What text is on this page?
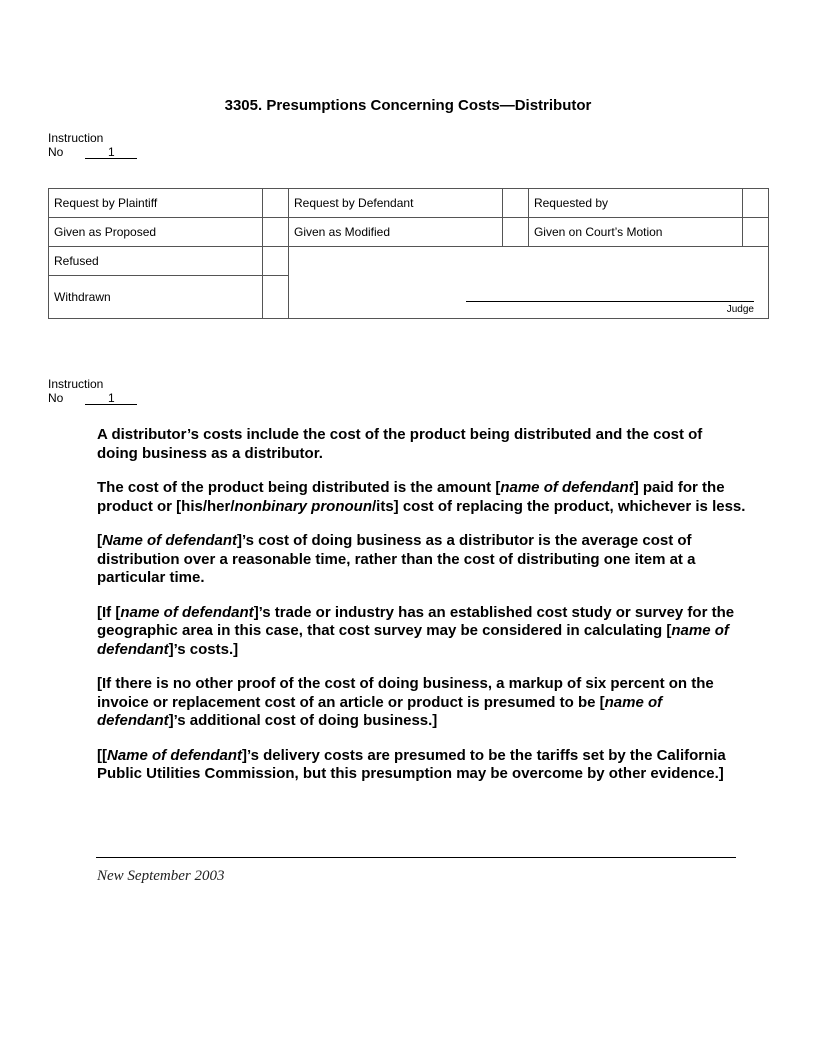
3305. Presumptions Concerning Costs—Distributor
Instruction
No	1
Request by Plaintiff		Request by Defendant		Requested by	
Given as Proposed		Given as Modified		Given on Court’s Motion	
Refused		Judge			

Withdrawn					
Instruction
No	1

A distributor’s costs include the cost of the product being distributed and the cost of doing business as a distributor.

The cost of the product being distributed is the amount [name of defendant] paid for the product or [his/her/nonbinary pronoun/its] cost of replacing the product, whichever is less.

[Name of defendant]’s cost of doing business as a distributor is the average cost of distribution over a reasonable time, rather than the cost of distributing one item at a particular time.

[If [name of defendant]’s trade or industry has an established cost study or survey for the geographic area in this case, that cost survey may be considered in calculating [name of defendant]’s costs.]

[If there is no other proof of the cost of doing business, a markup of six percent on the invoice or replacement cost of an article or product is presumed to be [name of defendant]’s additional cost of doing business.]

[[Name of defendant]’s delivery costs are presumed to be the tariffs set by the California Public Utilities Commission, but this presumption may be overcome by other evidence.]

New September 2003
